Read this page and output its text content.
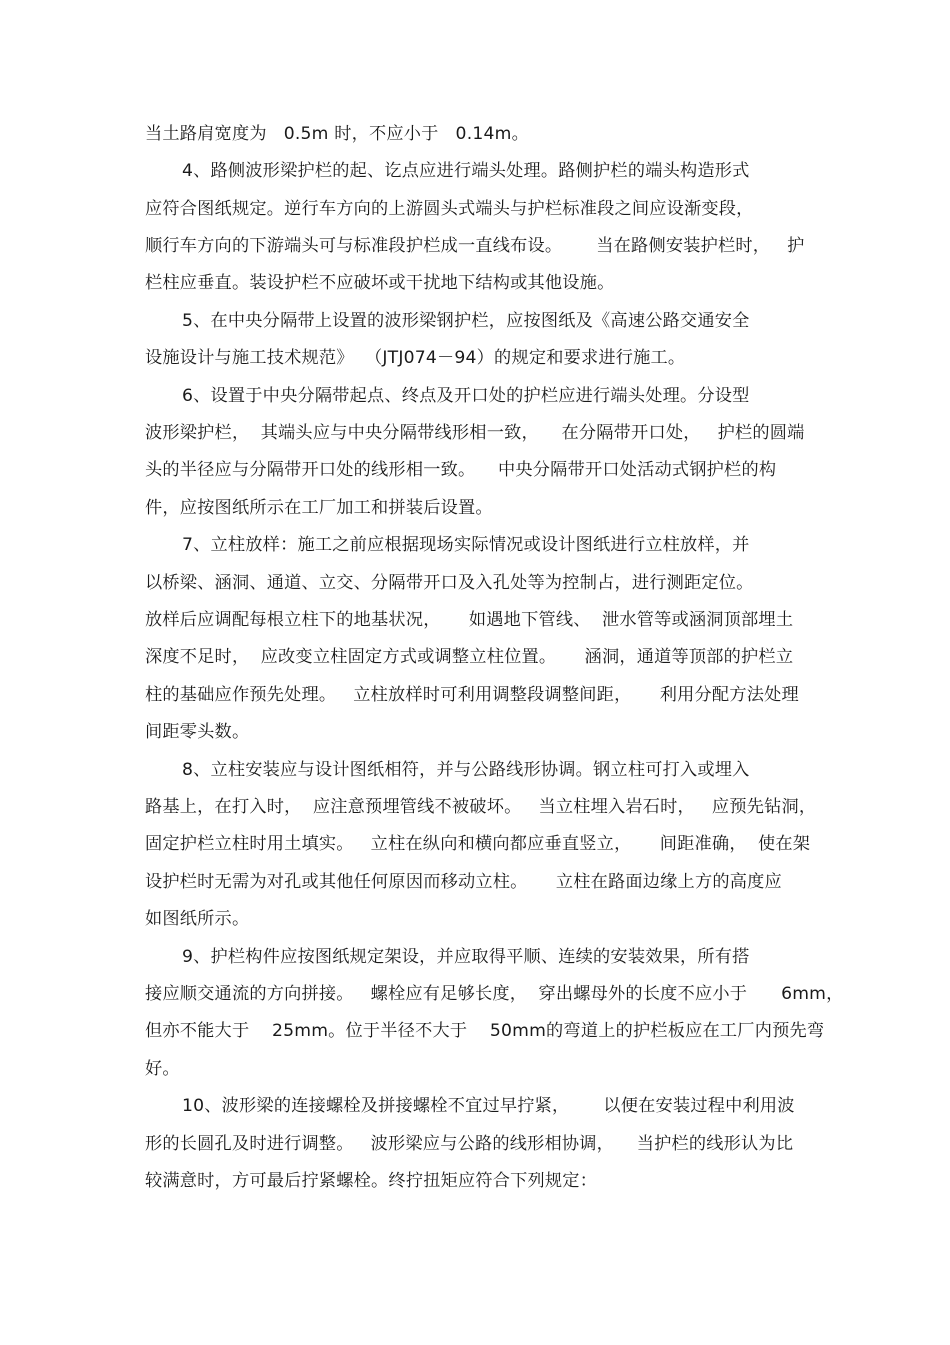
当土路肩宽度为   0.5m 时，不应小于   0.14m。
4、路侧波形梁护栏的起、讫点应进行端头处理。路侧护栏的端头构造形式
应符合图纸规定。逆行车方向的上游圆头式端头与护栏标准段之间应设渐变段，
顺行车方向的下游端头可与标准段护栏成一直线布设。      当在路侧安装护栏时，   护
栏柱应垂直。装设护栏不应破坏或干扰地下结构或其他设施。
5、在中央分隔带上设置的波形梁钢护栏，应按图纸及《高速公路交通安全
设施设计与施工技术规范》  （JTJ074－94）的规定和要求进行施工。
6、设置于中央分隔带起点、终点及开口处的护栏应进行端头处理。分设型
波形梁护栏，  其端头应与中央分隔带线形相一致，    在分隔带开口处，   护栏的圆端
头的半径应与分隔带开口处的线形相一致。    中央分隔带开口处活动式钢护栏的构
件，应按图纸所示在工厂加工和拼装后设置。
7、立柱放样：施工之前应根据现场实际情况或设计图纸进行立柱放样，并
以桥梁、涵洞、通道、立交、分隔带开口及入孔处等为控制占，进行测距定位。
放样后应调配每根立柱下的地基状况，     如遇地下管线、  泄水管等或涵洞顶部埋土
深度不足时，  应改变立柱固定方式或调整立柱位置。     涵洞，通道等顶部的护栏立
柱的基础应作预先处理。   立柱放样时可利用调整段调整间距，     利用分配方法处理
间距零头数。
8、立柱安装应与设计图纸相符，并与公路线形协调。钢立柱可打入或埋入
路基上，在打入时，  应注意预埋管线不被破坏。   当立柱埋入岩石时，   应预先钻洞，
固定护栏立柱时用土填实。   立柱在纵向和横向都应垂直竖立，     间距准确，  使在架
设护栏时无需为对孔或其他任何原因而移动立柱。     立柱在路面边缘上方的高度应
如图纸所示。
9、护栏构件应按图纸规定架设，并应取得平顺、连续的安装效果，所有搭
接应顺交通流的方向拼接。   螺栓应有足够长度，  穿出螺母外的长度不应小于      6mm，
但亦不能大于    25mm。位于半径不大于    50mm的弯道上的护栏板应在工厂内预先弯
好。
10、波形梁的连接螺栓及拼接螺栓不宜过早拧紧，      以便在安装过程中利用波
形的长圆孔及时进行调整。   波形梁应与公路的线形相协调，    当护栏的线形认为比
较满意时，方可最后拧紧螺栓。终拧扭矩应符合下列规定：
